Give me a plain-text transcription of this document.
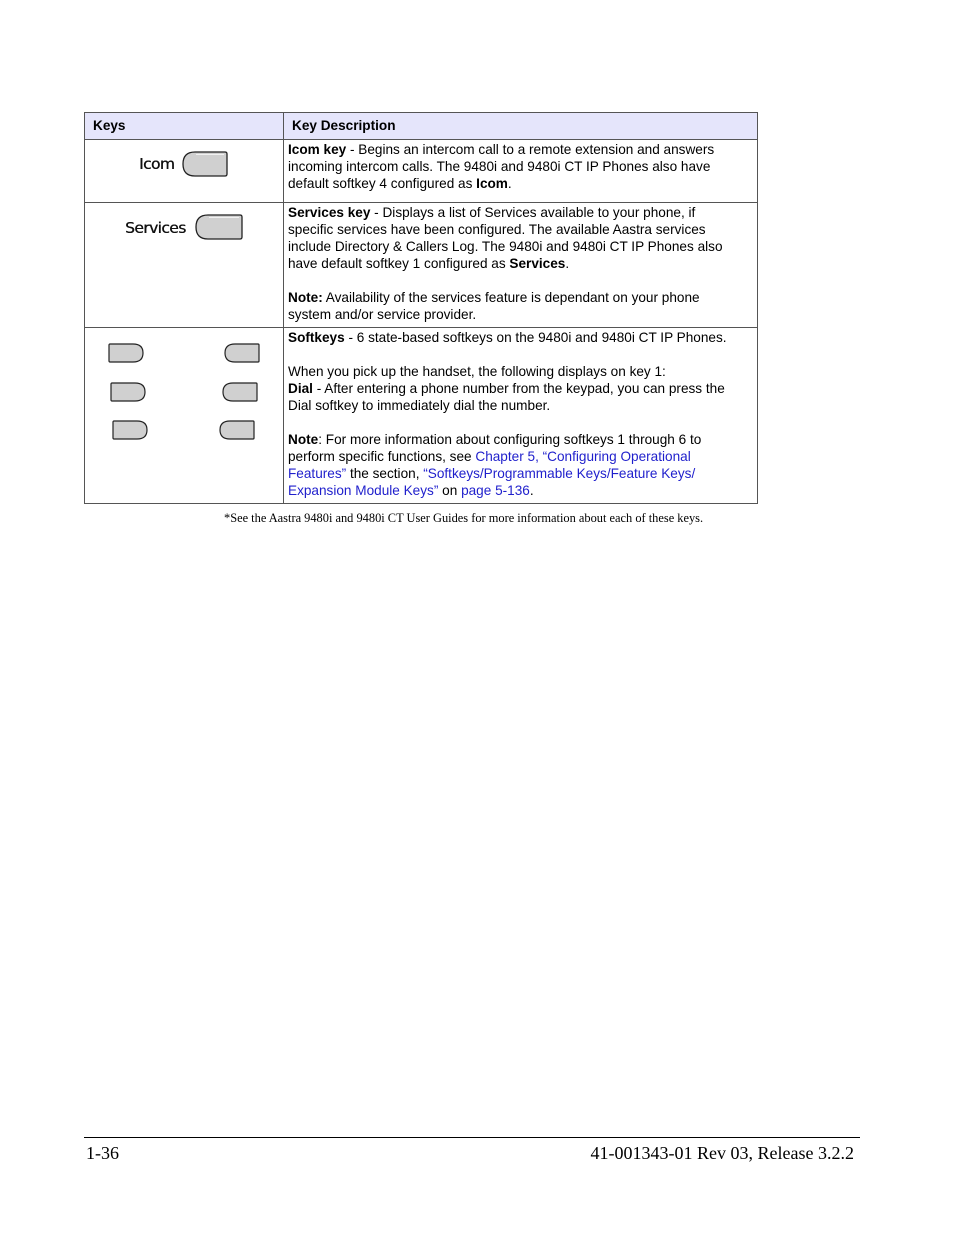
Keys	Key Description

Icom	Icom key - Begins an intercom call to a remote extension and answers incoming intercom calls. The 9480i and 9480i CT IP Phones also have default softkey 4 configured as Icom.

Services	Services key - Displays a list of Services available to your phone, if specific services have been configured. The available Aastra services include Directory & Callers Log. The 9480i and 9480i CT IP Phones also have default softkey 1 configured as Services.

Note: Availability of the services feature is dependant on your phone system and/or service provider.

Softkeys - 6 state-based softkeys on the 9480i and 9480i CT IP Phones.

When you pick up the handset, the following displays on key 1:

Dial - After entering a phone number from the keypad, you can press the Dial softkey to immediately dial the number.

Note: For more information about configuring softkeys 1 through 6 to perform specific functions, see Chapter 5, “Configuring Operational Features” the section, “Softkeys/Programmable Keys/Feature Keys/ Expansion Module Keys” on page 5-136.

*See the Aastra 9480i and 9480i CT User Guides for more information about each of these keys.
1-36	41-001343-01 Rev 03, Release 3.2.2
